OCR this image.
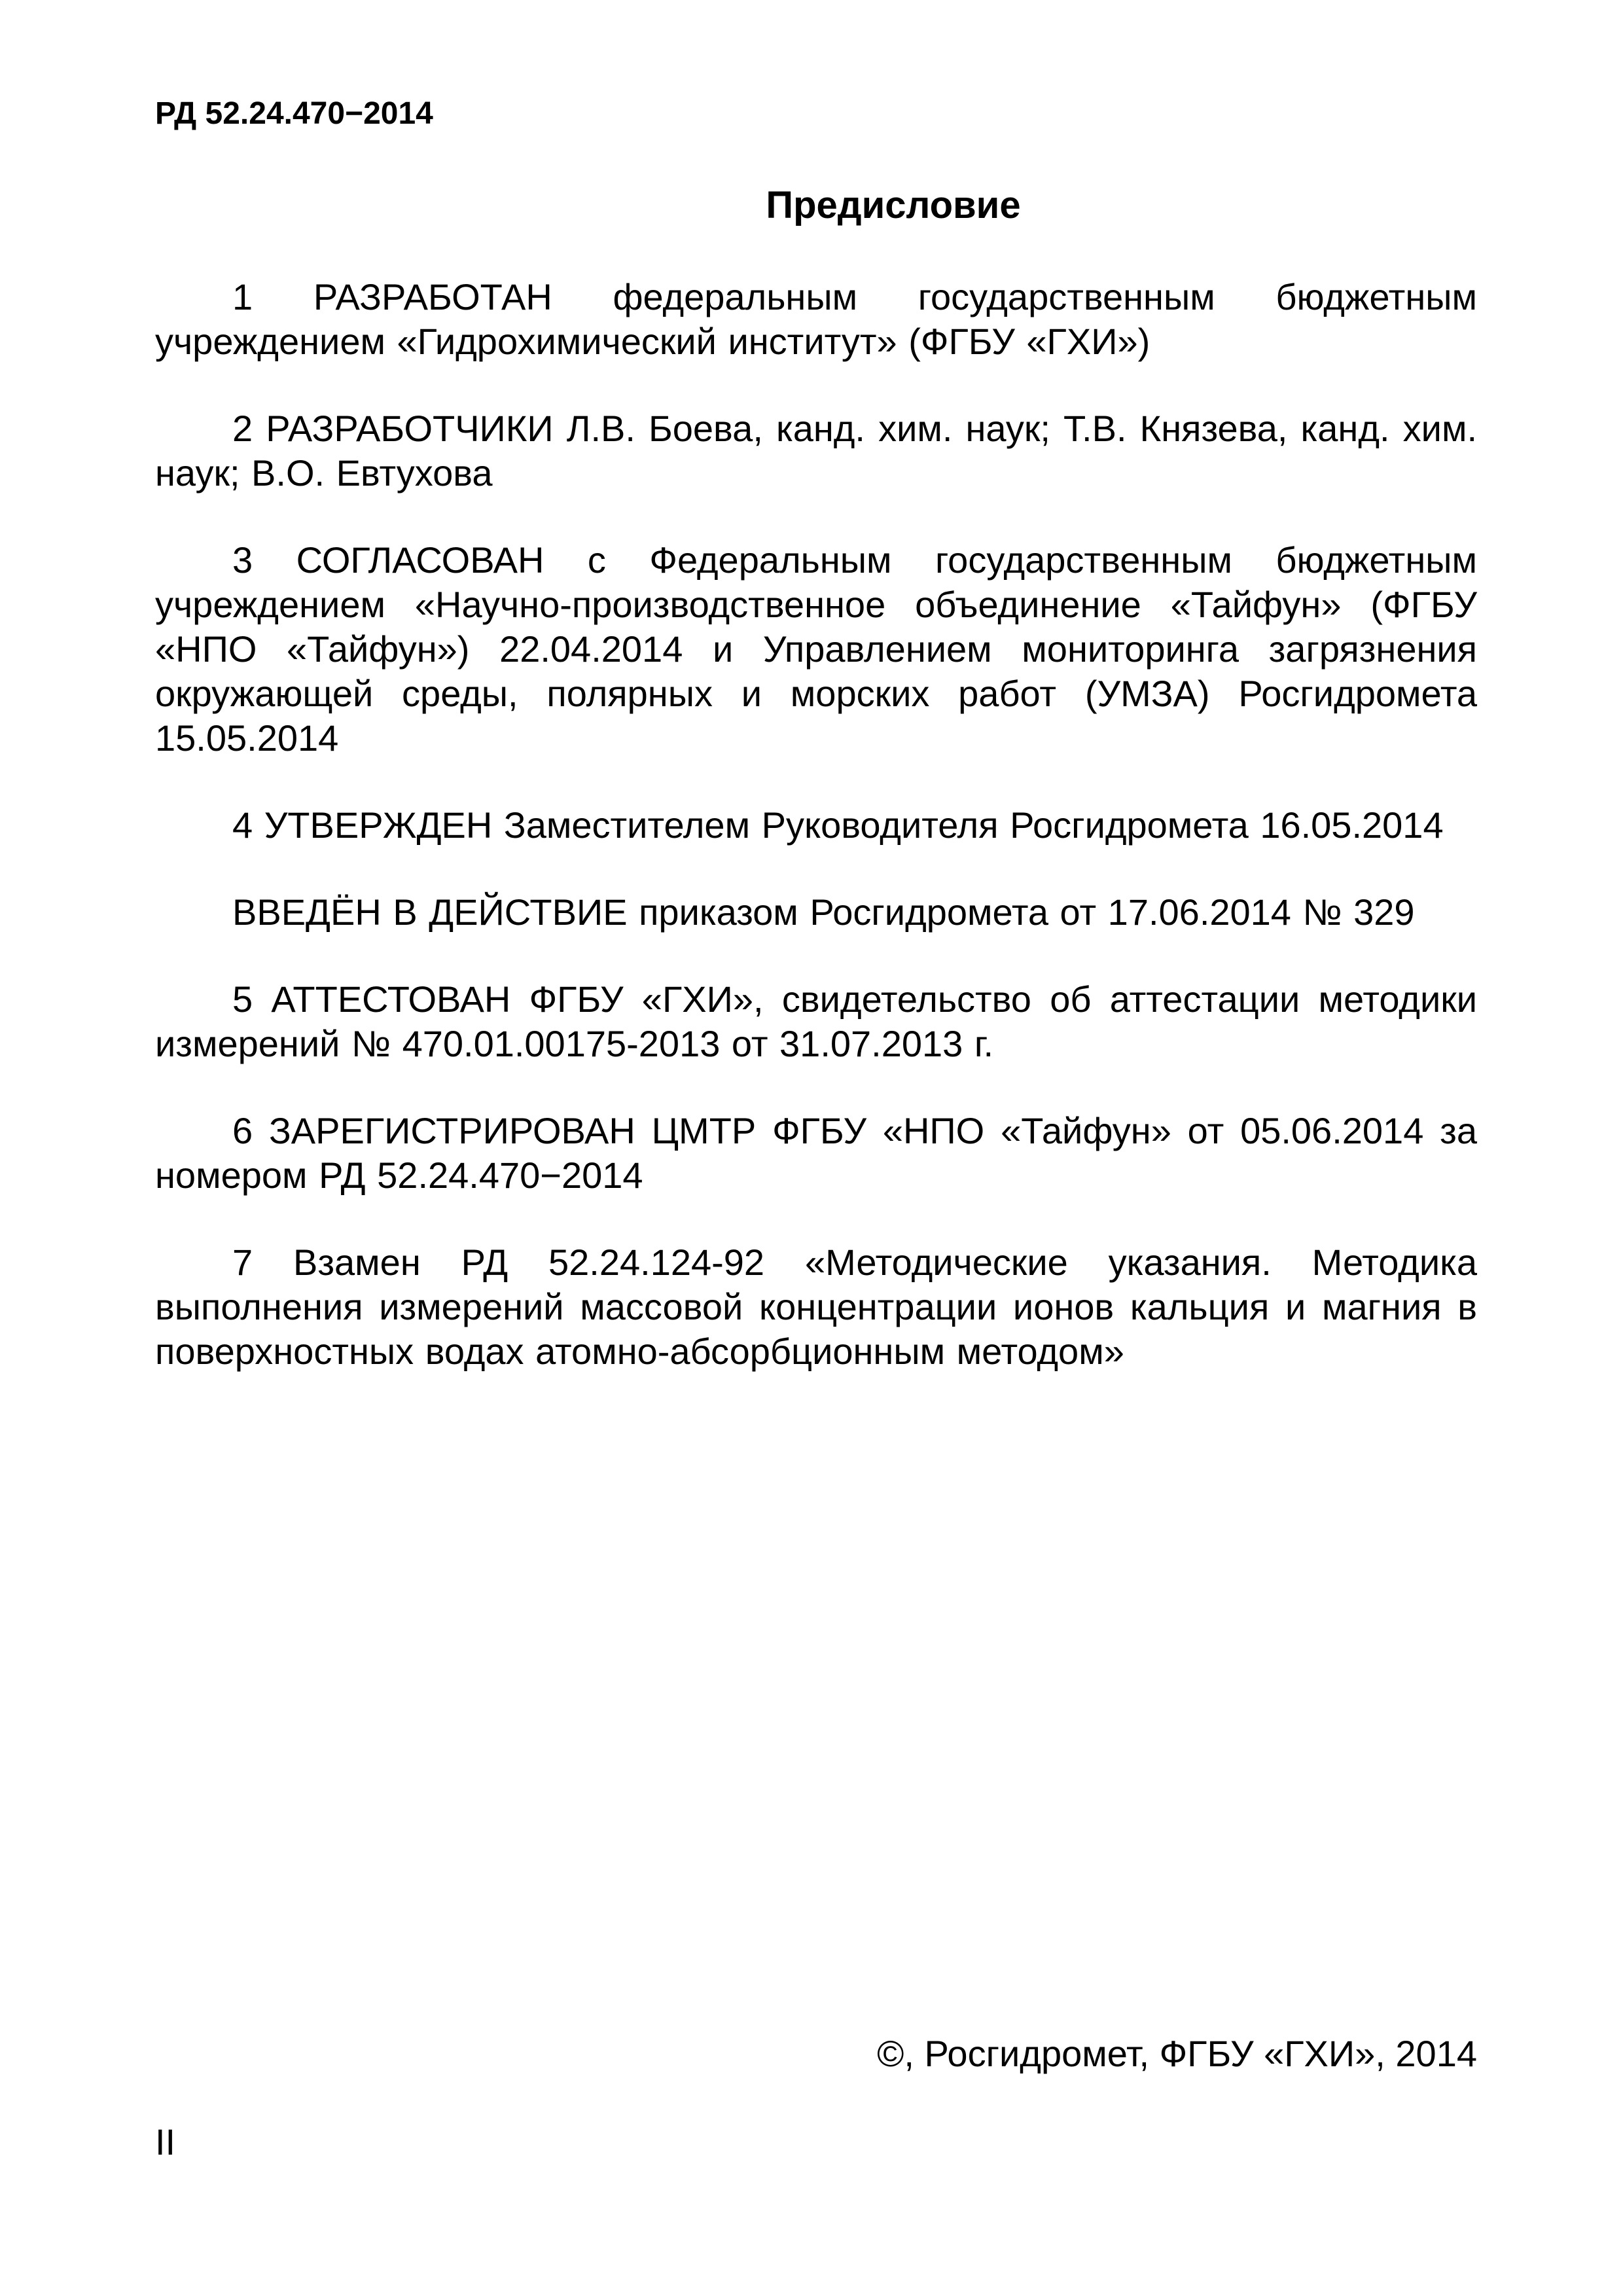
РД 52.24.470−2014
Предисловие

1 РАЗРАБОТАН федеральным государственным бюджетным учреждением «Гидрохимический институт» (ФГБУ «ГХИ»)

2 РАЗРАБОТЧИКИ Л.В. Боева, канд. хим. наук; Т.В. Князева, канд. хим. наук; В.О. Евтухова

3 СОГЛАСОВАН с Федеральным государственным бюджетным учреждением «Научно-производственное объединение «Тайфун» (ФГБУ «НПО «Тайфун») 22.04.2014 и Управлением мониторинга загрязнения окружающей среды, полярных и морских работ (УМЗА) Росгидромета 15.05.2014

4 УТВЕРЖДЕН Заместителем Руководителя Росгидромета 16.05.2014

ВВЕДЁН В ДЕЙСТВИЕ приказом Росгидромета от 17.06.2014 № 329

5 АТТЕСТОВАН ФГБУ «ГХИ», свидетельство об аттестации методики измерений № 470.01.00175-2013 от 31.07.2013 г.

6 ЗАРЕГИСТРИРОВАН ЦМТР ФГБУ «НПО «Тайфун» от 05.06.2014 за номером РД 52.24.470−2014

7 Взамен РД 52.24.124-92 «Методические указания. Методика выполнения измерений массовой концентрации ионов кальция и магния в поверхностных водах атомно-абсорбционным методом»

©, Росгидромет, ФГБУ «ГХИ», 2014
II
